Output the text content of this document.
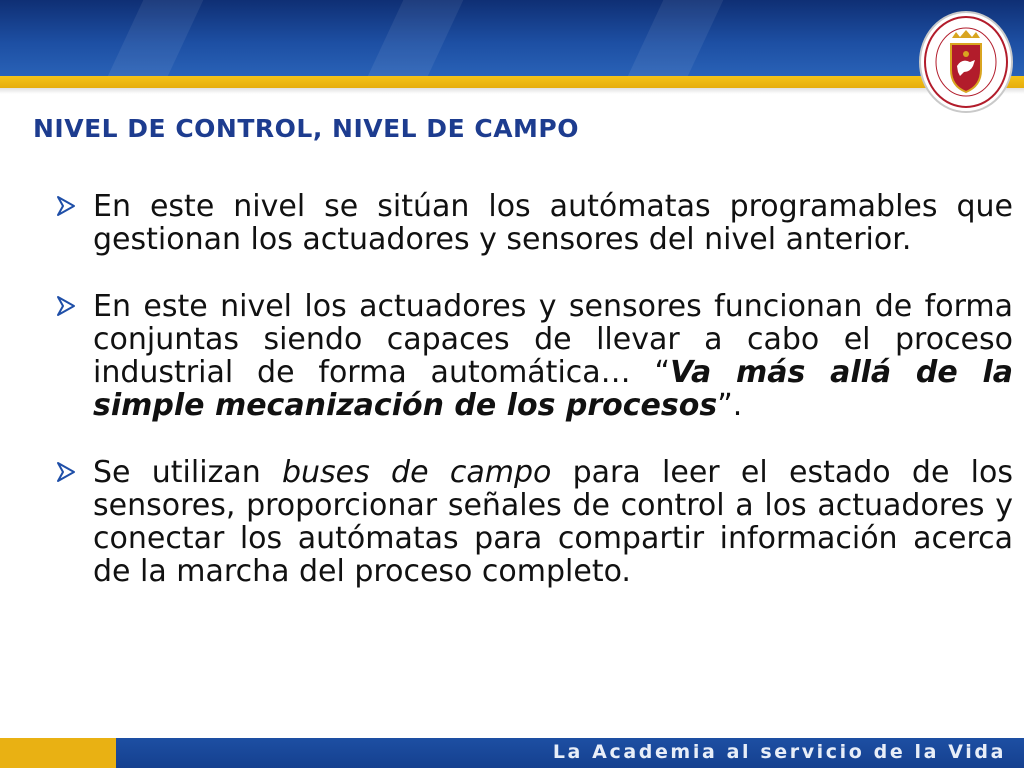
NIVEL DE CONTROL, NIVEL DE CAMPO
En este nivel se sitúan los autómatas programables que gestionan los actuadores y sensores del nivel anterior.
En este nivel los actuadores y sensores funcionan de forma conjuntas siendo capaces de llevar a cabo el proceso industrial de forma automática… “Va más allá de la simple mecanización de los procesos”.
Se utilizan buses de campo para leer el estado de los sensores, proporcionar señales de control a los actuadores y conectar los autómatas para compartir información acerca de la marcha del proceso completo.
La Academia al servicio de la Vida
